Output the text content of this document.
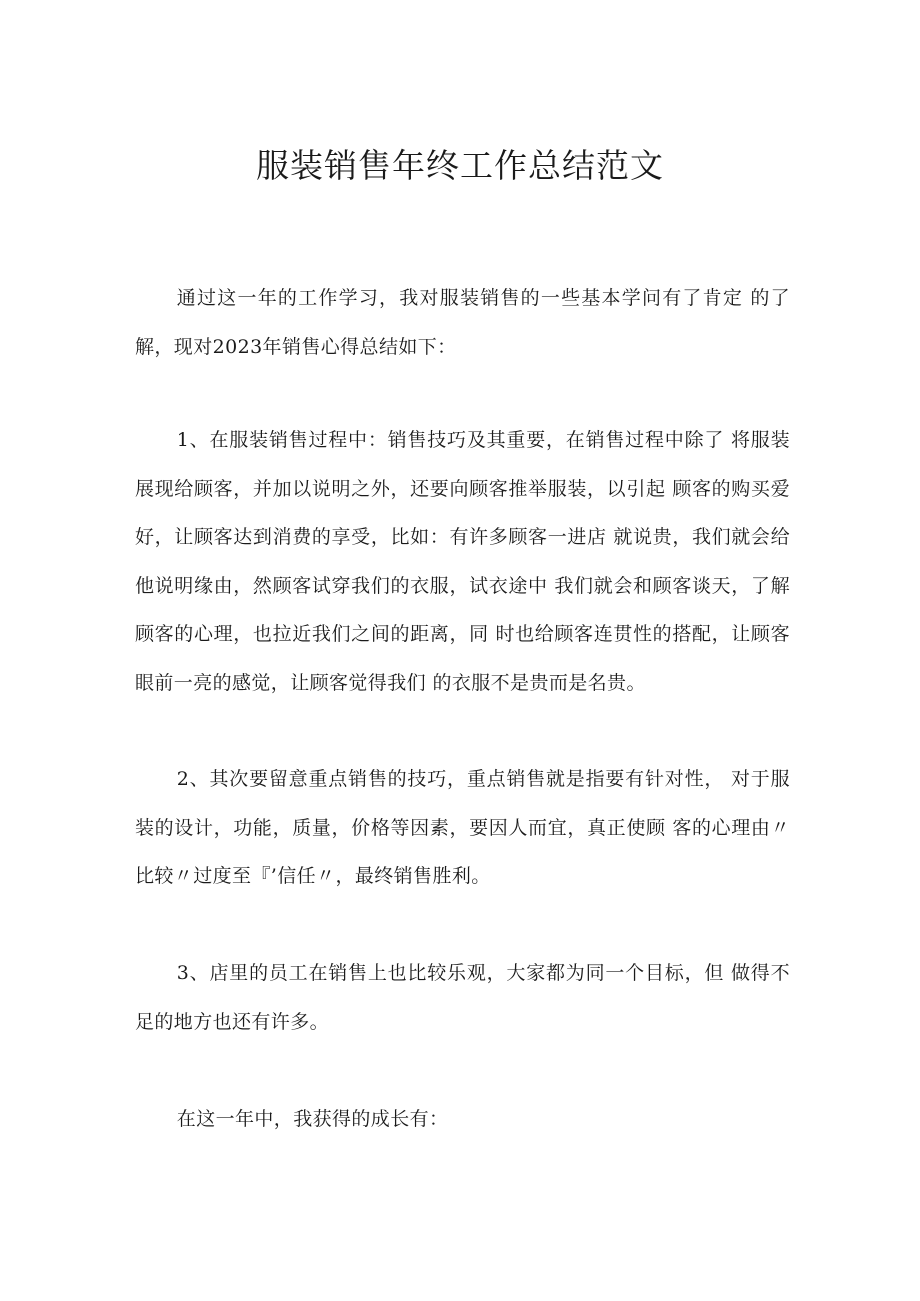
服装销售年终工作总结范文

通过这一年的工作学习，我对服装销售的一些基本学问有了肯定 的了解，现对2023年销售心得总结如下：

1、在服装销售过程中：销售技巧及其重要，在销售过程中除了 将服装展现给顾客，并加以说明之外，还要向顾客推举服装，以引起 顾客的购买爱好，让顾客达到消费的享受，比如：有许多顾客一进店 就说贵，我们就会给他说明缘由，然顾客试穿我们的衣服，试衣途中 我们就会和顾客谈天，了解顾客的心理，也拉近我们之间的距离，同 时也给顾客连贯性的搭配，让顾客眼前一亮的感觉，让顾客觉得我们 的衣服不是贵而是名贵。

2、其次要留意重点销售的技巧，重点销售就是指要有针对性， 对于服装的设计，功能，质量，价格等因素，要因人而宜，真正使顾 客的心理由〃比较〃过度至『’信任〃，最终销售胜利。

3、店里的员工在销售上也比较乐观，大家都为同一个目标，但 做得不足的地方也还有许多。

在这一年中，我获得的成长有：
